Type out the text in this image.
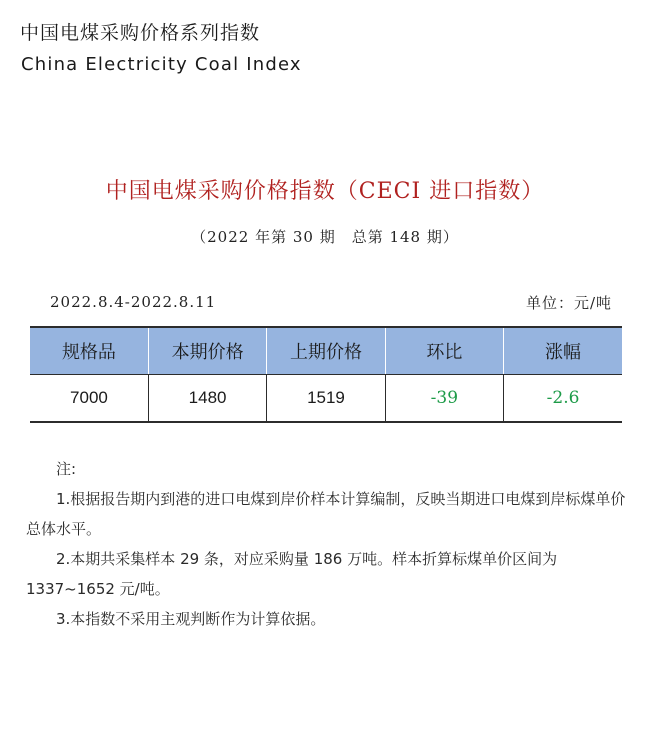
中国电煤采购价格系列指数
China Electricity Coal Index
中国电煤采购价格指数（CECI 进口指数）
（2022 年第 30 期　总第 148 期）
2022.8.4-2022.8.11	单位：元/吨
规格品	本期价格	上期价格	环比	涨幅
7000	1480	1519	-39	-2.6

注:

1.根据报告期内到港的进口电煤到岸价样本计算编制，反映当期进口电煤到岸标煤单价总体水平。

2.本期共采集样本 29 条，对应采购量 186 万吨。样本折算标煤单价区间为 1337~1652 元/吨。

3.本指数不采用主观判断作为计算依据。
